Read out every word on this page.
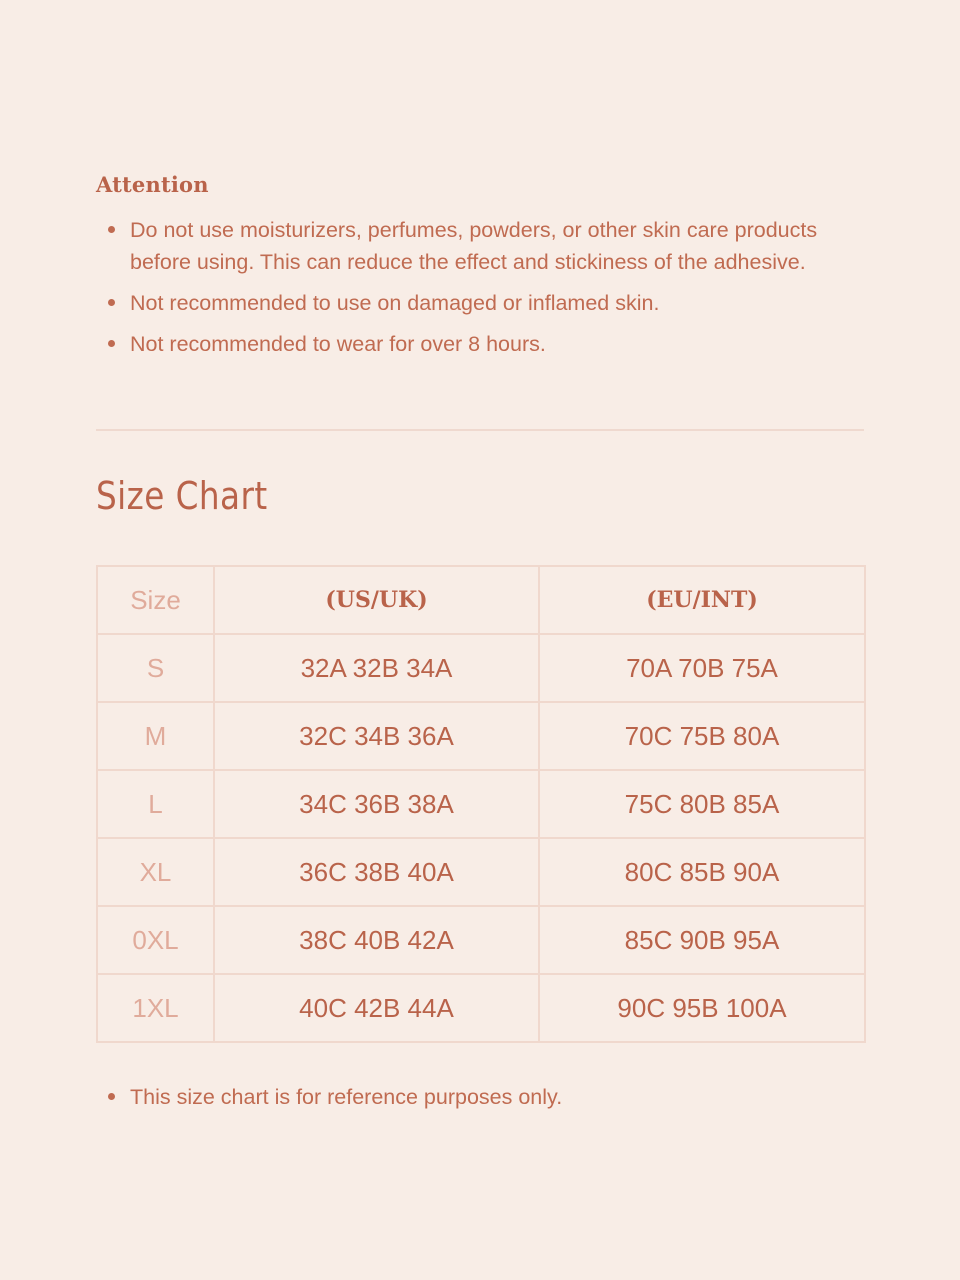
Attention
Do not use moisturizers, perfumes, powders, or other skin care products before using. This can reduce the effect and stickiness of the adhesive.
Not recommended to use on damaged or inflamed skin.
Not recommended to wear for over 8 hours.
Size Chart
Size	(US/UK)	(EU/INT)
S	32A 32B 34A	70A 70B 75A
M	32C 34B 36A	70C 75B 80A
L	34C 36B 38A	75C 80B 85A
XL	36C 38B 40A	80C 85B 90A
0XL	38C 40B 42A	85C 90B 95A
1XL	40C 42B 44A	90C 95B 100A
This size chart is for reference purposes only.
